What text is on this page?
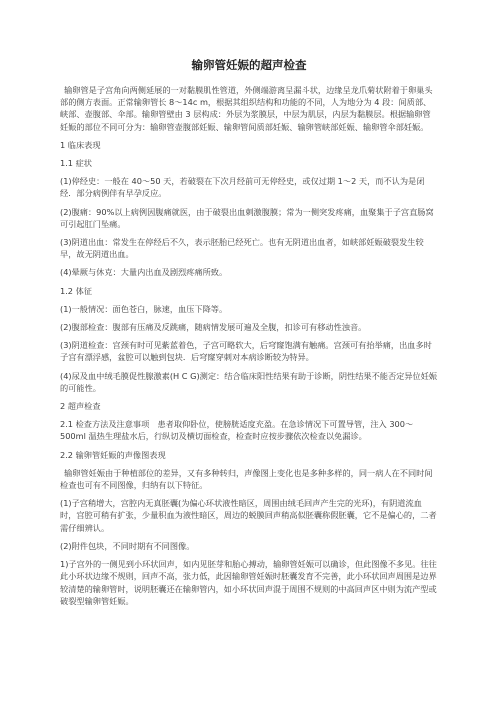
输卵管妊娠的超声检查

输卵管是子宫角向两侧延展的一对黏膜肌性管道，外侧端游离呈漏斗状，边缘呈龙爪菊状附着于卵巢头部的侧方表面。正常输卵管长 8～14c m，根据其组织结构和功能的不同，人为地分为 4 段：间质部、峡部、壶腹部、伞部。输卵管壁由 3 层构成：外层为浆膜层，中层为肌层，内层为黏膜层。根据输卵管妊娠的部位不同可分为：输卵管壶腹部妊娠、输卵管间质部妊娠、输卵管峡部妊娠、输卵管伞部妊娠。

1 临床表现

1.1 症状

(1)停经史：一般在 40～50 天，若破裂在下次月经前可无停经史，或仅过期 1～2 天，而不认为是闭经．部分病例伴有早孕反应。

(2)腹痛：90%以上病例因腹痛就医，由于破裂出血刺激腹膜；常为一侧突发疼痛，血聚集于子宫直肠窝可引起肛门坠痛。

(3)阴道出血：常发生在停经后不久，表示胚胎已经死亡。也有无阴道出血者，如峡部妊娠破裂发生较早，故无阴道出血。

(4)晕厥与休克：大量内出血及剧烈疼痛所致。

1.2 体征

(1)一般情况：面色苍白，脉速，血压下降等。

(2)腹部检查：腹部有压痛及反跳痛，随病情发展可遍及全腹，扣诊可有移动性浊音。

(3)阴道检查：宫颈有时可见紫蓝着色，子宫可略软大，后穹窿饱满有触痛。宫颈可有抬举痛，出血多时子宫有漂浮感，盆腔可以触到包块．后穹窿穿刺对本病诊断较为特异。

(4)尿及血中绒毛膜促性腺激素(H C G)测定：结合临床阳性结果有助于诊断，阴性结果不能否定异位妊娠的可能性。

2 超声检查

2.1 检查方法及注意事项　患者取仰卧位，使膀胱适度充盈。在急诊情况下可置导管，注入 300～500ml 温热生理盐水后，行纵切及横切面检查，检查时应按步骤依次检查以免漏诊。

2.2 输卵管妊娠的声像图表现

输卵管妊娠由于种植部位的差异，又有多种转归，声像图上变化也是多种多样的，同一病人在不同时间检查也可有不同图像，归纳有以下特征。

(1)子宫稍增大，宫腔内无真胚囊(为偏心环状液性暗区，周围由绒毛回声产生完的光环)，有阴道流血时，宫腔可稍有扩张，少量积血为液性暗区，周边的蜕膜回声稍高似胚囊称假胚囊，它不是偏心的，二者需仔细辨认。

(2)附件包块，不同时期有不同图像。

1)子宫外的一侧见到小环状回声，如内见胚芽和胎心搏动，输卵管妊娠可以确诊，但此图像不多见。往往此小环状边缘不规则，回声不高，张力低，此因输卵管妊娠时胚囊发育不完善，此小环状回声周围是边界较清楚的输卵管时，说明胚囊还在输卵管内，如小环状回声混于周围不规则的中高回声区中则为流产型或破裂型输卵管妊娠。
